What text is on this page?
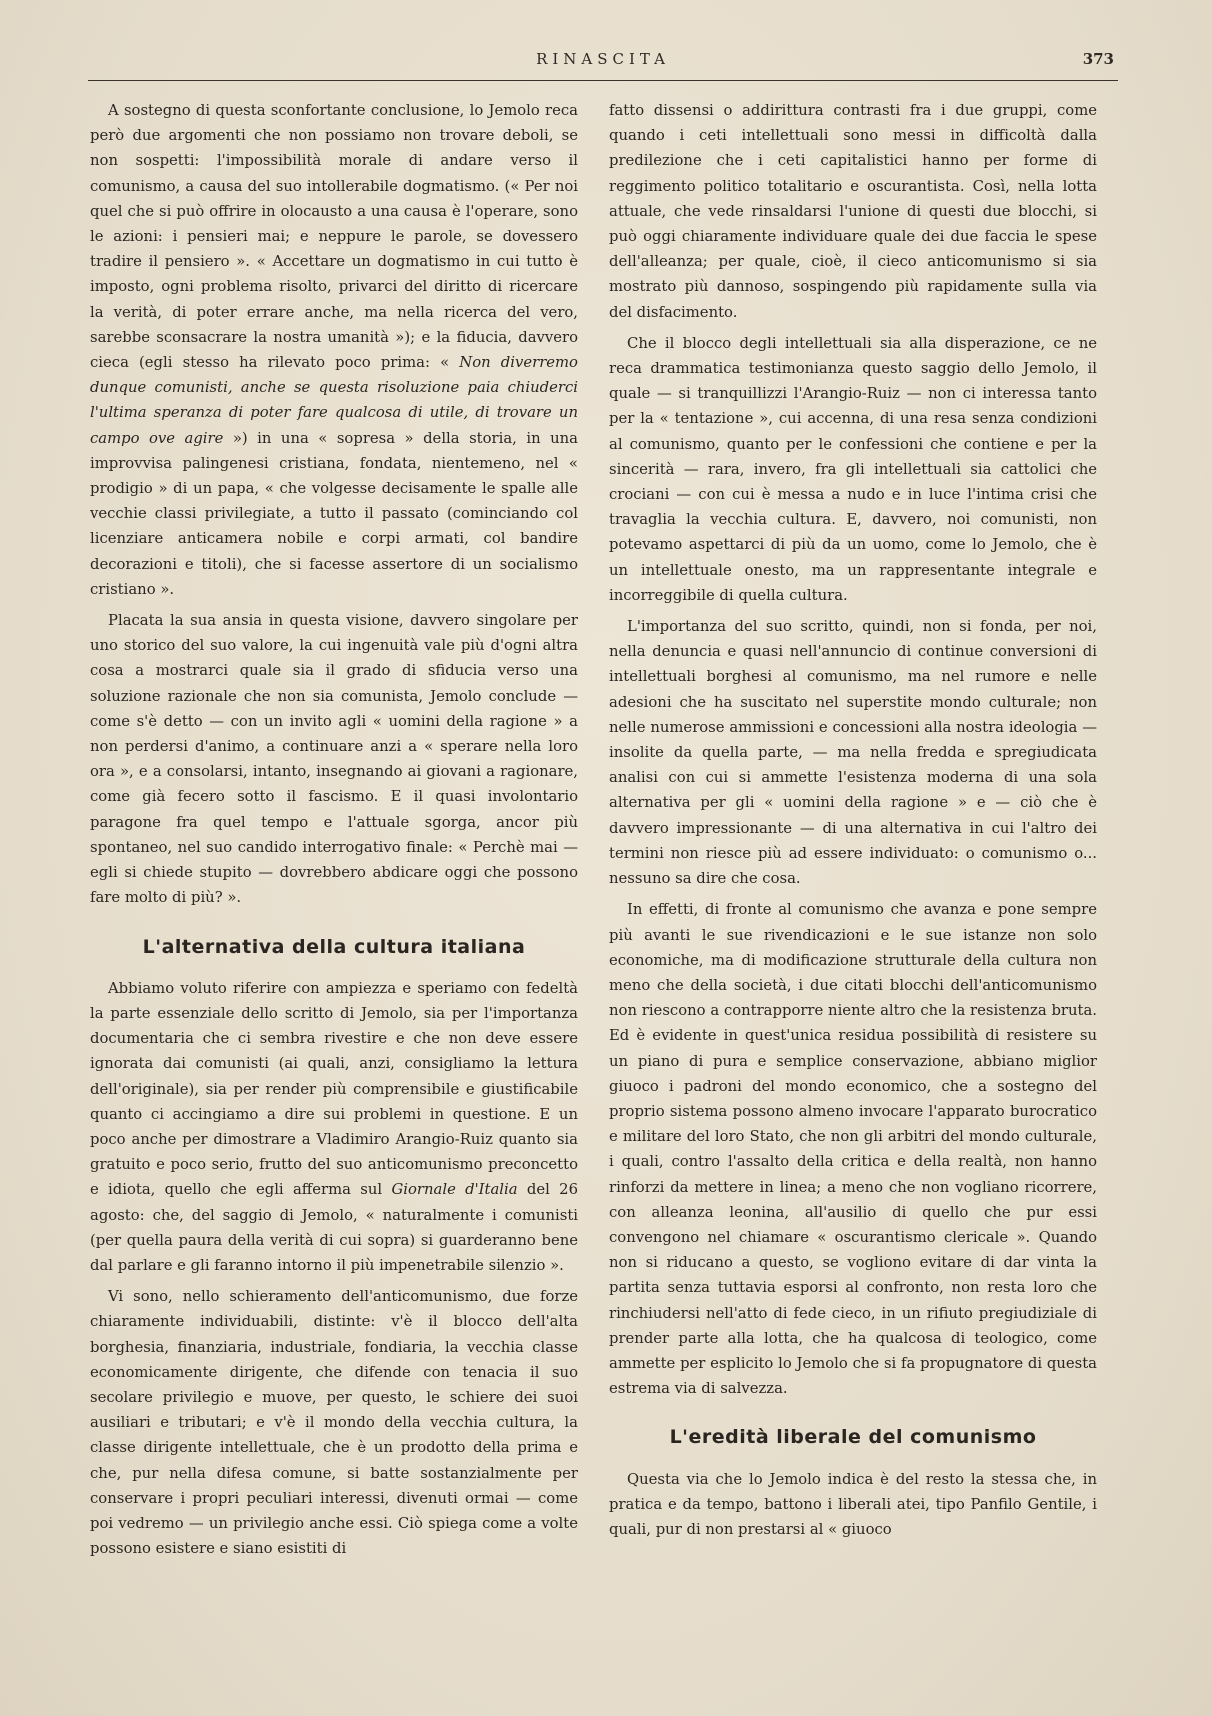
RINASCITA	373

A sostegno di questa sconfortante conclusione, lo Jemolo reca però due argomenti che non possiamo non trovare deboli, se non sospetti: l'impossibilità morale di andare verso il comunismo, a causa del suo intollerabile dogmatismo. (« Per noi quel che si può offrire in olocausto a una causa è l'operare, sono le azioni: i pensieri mai; e neppure le parole, se dovessero tradire il pensiero ». « Accettare un dogmatismo in cui tutto è imposto, ogni problema risolto, privarci del diritto di ricercare la verità, di poter errare anche, ma nella ricerca del vero, sarebbe sconsacrare la nostra umanità »); e la fiducia, davvero cieca (egli stesso ha rilevato poco prima: « Non diverremo dunque comunisti, anche se questa risoluzione paia chiuderci l'ultima speranza di poter fare qualcosa di utile, di trovare un campo ove agire ») in una « sopresa » della storia, in una improvvisa palingenesi cristiana, fondata, nientemeno, nel « prodigio » di un papa, « che volgesse decisamente le spalle alle vecchie classi privilegiate, a tutto il passato (cominciando col licenziare anticamera nobile e corpi armati, col bandire decorazioni e titoli), che si facesse assertore di un socialismo cristiano ».

Placata la sua ansia in questa visione, davvero singolare per uno storico del suo valore, la cui ingenuità vale più d'ogni altra cosa a mostrarci quale sia il grado di sfiducia verso una soluzione razionale che non sia comunista, Jemolo conclude — come s'è detto — con un invito agli « uomini della ragione » a non perdersi d'animo, a continuare anzi a « sperare nella loro ora », e a consolarsi, intanto, insegnando ai giovani a ragionare, come già fecero sotto il fascismo. E il quasi involontario paragone fra quel tempo e l'attuale sgorga, ancor più spontaneo, nel suo candido interrogativo finale: « Perchè mai — egli si chiede stupito — dovrebbero abdicare oggi che possono fare molto di più? ».

L'alternativa della cultura italiana

Abbiamo voluto riferire con ampiezza e speriamo con fedeltà la parte essenziale dello scritto di Jemolo, sia per l'importanza documentaria che ci sembra rivestire e che non deve essere ignorata dai comunisti (ai quali, anzi, consigliamo la lettura dell'originale), sia per render più comprensibile e giustificabile quanto ci accingiamo a dire sui problemi in questione. E un poco anche per dimostrare a Vladimiro Arangio-Ruiz quanto sia gratuito e poco serio, frutto del suo anticomunismo preconcetto e idiota, quello che egli afferma sul Giornale d'Italia del 26 agosto: che, del saggio di Jemolo, « naturalmente i comunisti (per quella paura della verità di cui sopra) si guarderanno bene dal parlare e gli faranno intorno il più impenetrabile silenzio ».

Vi sono, nello schieramento dell'anticomunismo, due forze chiaramente individuabili, distinte: v'è il blocco dell'alta borghesia, finanziaria, industriale, fondiaria, la vecchia classe economicamente dirigente, che difende con tenacia il suo secolare privilegio e muove, per questo, le schiere dei suoi ausiliari e tributari; e v'è il mondo della vecchia cultura, la classe dirigente intellettuale, che è un prodotto della prima e che, pur nella difesa comune, si batte sostanzialmente per conservare i propri peculiari interessi, divenuti ormai — come poi vedremo — un privilegio anche essi. Ciò spiega come a volte possono esistere e siano esistiti di

fatto dissensi o addirittura contrasti fra i due gruppi, come quando i ceti intellettuali sono messi in difficoltà dalla predilezione che i ceti capitalistici hanno per forme di reggimento politico totalitario e oscurantista. Così, nella lotta attuale, che vede rinsaldarsi l'unione di questi due blocchi, si può oggi chiaramente individuare quale dei due faccia le spese dell'alleanza; per quale, cioè, il cieco anticomunismo si sia mostrato più dannoso, sospingendo più rapidamente sulla via del disfacimento.

Che il blocco degli intellettuali sia alla disperazione, ce ne reca drammatica testimonianza questo saggio dello Jemolo, il quale — si tranquillizzi l'Arangio-Ruiz — non ci interessa tanto per la « tentazione », cui accenna, di una resa senza condizioni al comunismo, quanto per le confessioni che contiene e per la sincerità — rara, invero, fra gli intellettuali sia cattolici che crociani — con cui è messa a nudo e in luce l'intima crisi che travaglia la vecchia cultura. E, davvero, noi comunisti, non potevamo aspettarci di più da un uomo, come lo Jemolo, che è un intellettuale onesto, ma un rappresentante integrale e incorreggibile di quella cultura.

L'importanza del suo scritto, quindi, non si fonda, per noi, nella denuncia e quasi nell'annuncio di continue conversioni di intellettuali borghesi al comunismo, ma nel rumore e nelle adesioni che ha suscitato nel superstite mondo culturale; non nelle numerose ammissioni e concessioni alla nostra ideologia — insolite da quella parte, — ma nella fredda e spregiudicata analisi con cui si ammette l'esistenza moderna di una sola alternativa per gli « uomini della ragione » e — ciò che è davvero impressionante — di una alternativa in cui l'altro dei termini non riesce più ad essere individuato: o comunismo o... nessuno sa dire che cosa.

In effetti, di fronte al comunismo che avanza e pone sempre più avanti le sue rivendicazioni e le sue istanze non solo economiche, ma di modificazione strutturale della cultura non meno che della società, i due citati blocchi dell'anticomunismo non riescono a contrapporre niente altro che la resistenza bruta. Ed è evidente in quest'unica residua possibilità di resistere su un piano di pura e semplice conservazione, abbiano miglior giuoco i padroni del mondo economico, che a sostegno del proprio sistema possono almeno invocare l'apparato burocratico e militare del loro Stato, che non gli arbitri del mondo culturale, i quali, contro l'assalto della critica e della realtà, non hanno rinforzi da mettere in linea; a meno che non vogliano ricorrere, con alleanza leonina, all'ausilio di quello che pur essi convengono nel chiamare « oscurantismo clericale ». Quando non si riducano a questo, se vogliono evitare di dar vinta la partita senza tuttavia esporsi al confronto, non resta loro che rinchiudersi nell'atto di fede cieco, in un rifiuto pregiudiziale di prender parte alla lotta, che ha qualcosa di teologico, come ammette per esplicito lo Jemolo che si fa propugnatore di questa estrema via di salvezza.

L'eredità liberale del comunismo

Questa via che lo Jemolo indica è del resto la stessa che, in pratica e da tempo, battono i liberali atei, tipo Panfilo Gentile, i quali, pur di non prestarsi al « giuoco
